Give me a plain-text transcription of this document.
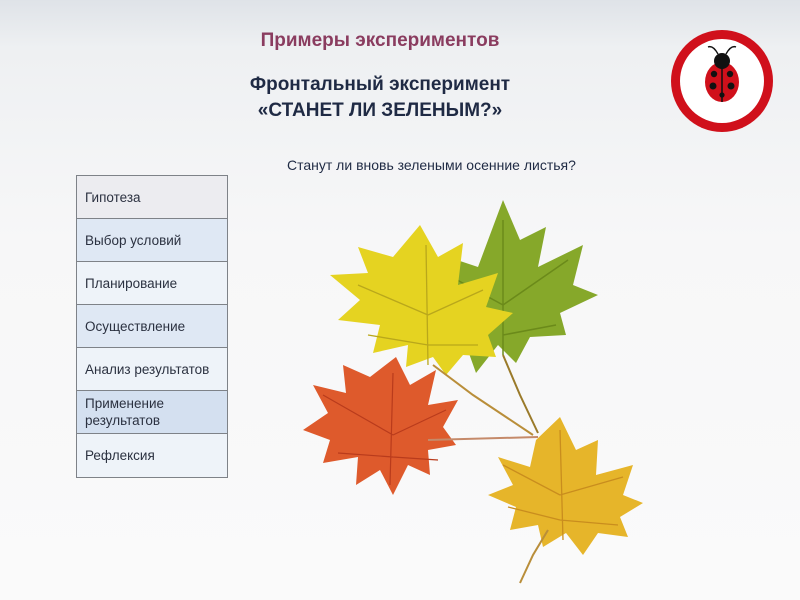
Примеры экспериментов
Фронтальный эксперимент
«СТАНЕТ ЛИ ЗЕЛЕНЫМ?»
Станут ли вновь зелеными осенние листья?
Гипотеза
Выбор условий
Планирование
Осуществление
Анализ результатов
Применение результатов
Рефлексия
